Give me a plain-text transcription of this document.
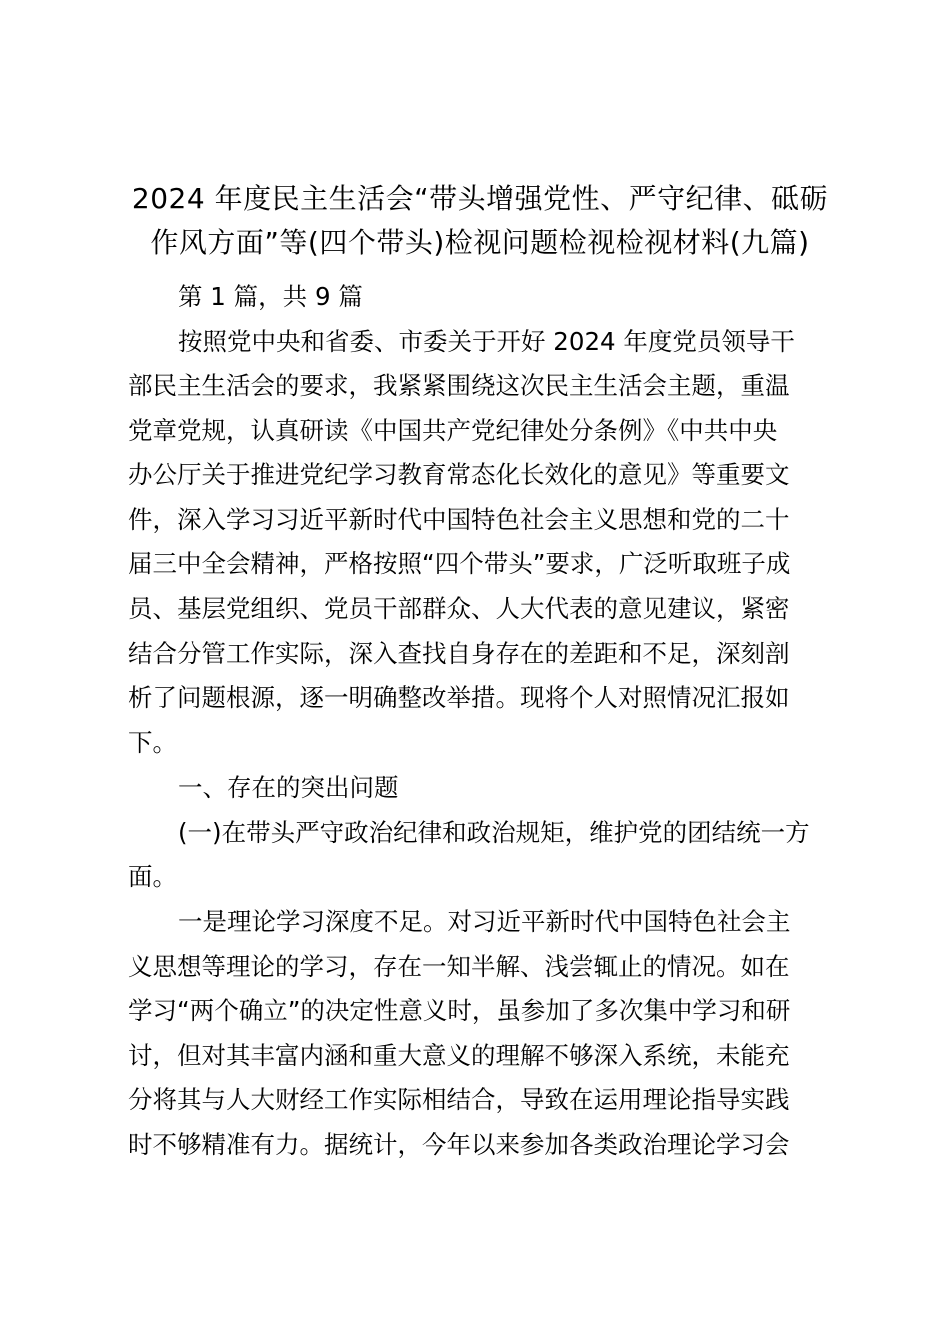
2024 年度民主生活会“带头增强党性、严守纪律、砥砺
作风方面”等(四个带头)检视问题检视检视材料(九篇)
第 1 篇，共 9 篇
按照党中央和省委、市委关于开好 2024 年度党员领导干
部民主生活会的要求，我紧紧围绕这次民主生活会主题，重温
党章党规，认真研读《中国共产党纪律处分条例》《中共中央
办公厅关于推进党纪学习教育常态化长效化的意见》等重要文
件，深入学习习近平新时代中国特色社会主义思想和党的二十
届三中全会精神，严格按照“四个带头”要求，广泛听取班子成
员、基层党组织、党员干部群众、人大代表的意见建议，紧密
结合分管工作实际，深入查找自身存在的差距和不足，深刻剖
析了问题根源，逐一明确整改举措。现将个人对照情况汇报如
下。
一、存在的突出问题
(一)在带头严守政治纪律和政治规矩，维护党的团结统一方
面。
一是理论学习深度不足。对习近平新时代中国特色社会主
义思想等理论的学习，存在一知半解、浅尝辄止的情况。如在
学习“两个确立”的决定性意义时，虽参加了多次集中学习和研
讨，但对其丰富内涵和重大意义的理解不够深入系统，未能充
分将其与人大财经工作实际相结合，导致在运用理论指导实践
时不够精准有力。据统计，今年以来参加各类政治理论学习会
